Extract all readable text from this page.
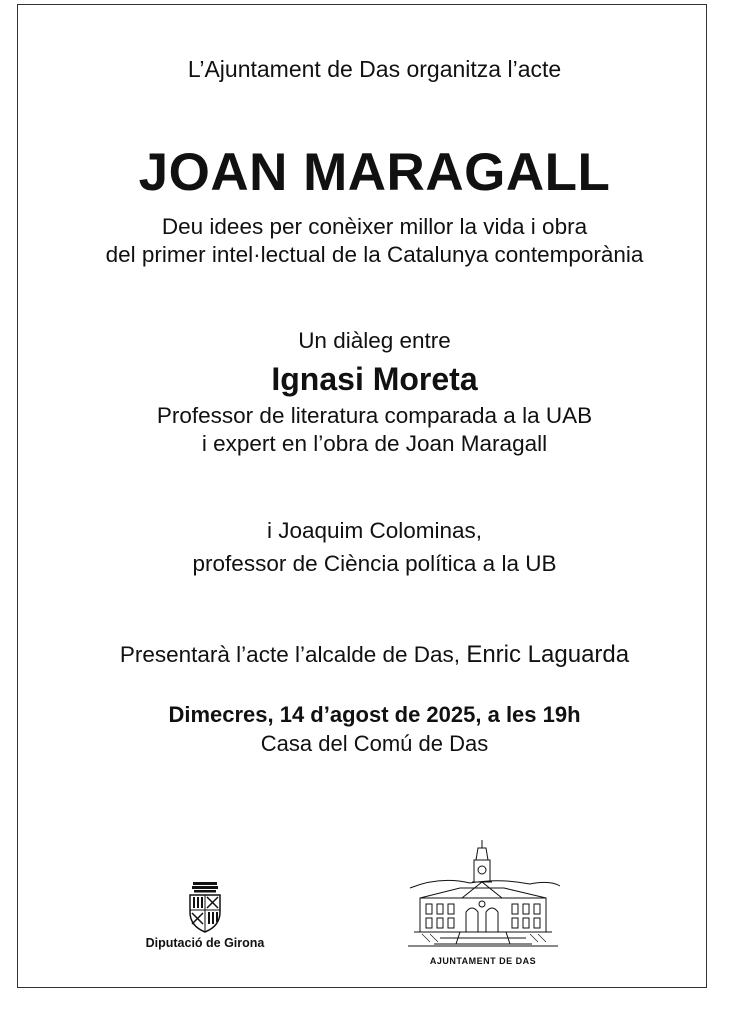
L’Ajuntament de Das organitza l’acte
JOAN MARAGALL
Deu idees per conèixer millor la vida i obra
del primer intel·lectual de la Catalunya contemporània
Un diàleg entre
Ignasi Moreta
Professor de literatura comparada a la UAB
i expert en l’obra de Joan Maragall
i Joaquim Colominas,
professor de Ciència política a la UB
Presentarà l’acte l’alcalde de Das, Enric Laguarda
Dimecres, 14 d’agost de 2025, a les 19h
Casa del Comú de Das
Diputació de Girona
AJUNTAMENT DE DAS
